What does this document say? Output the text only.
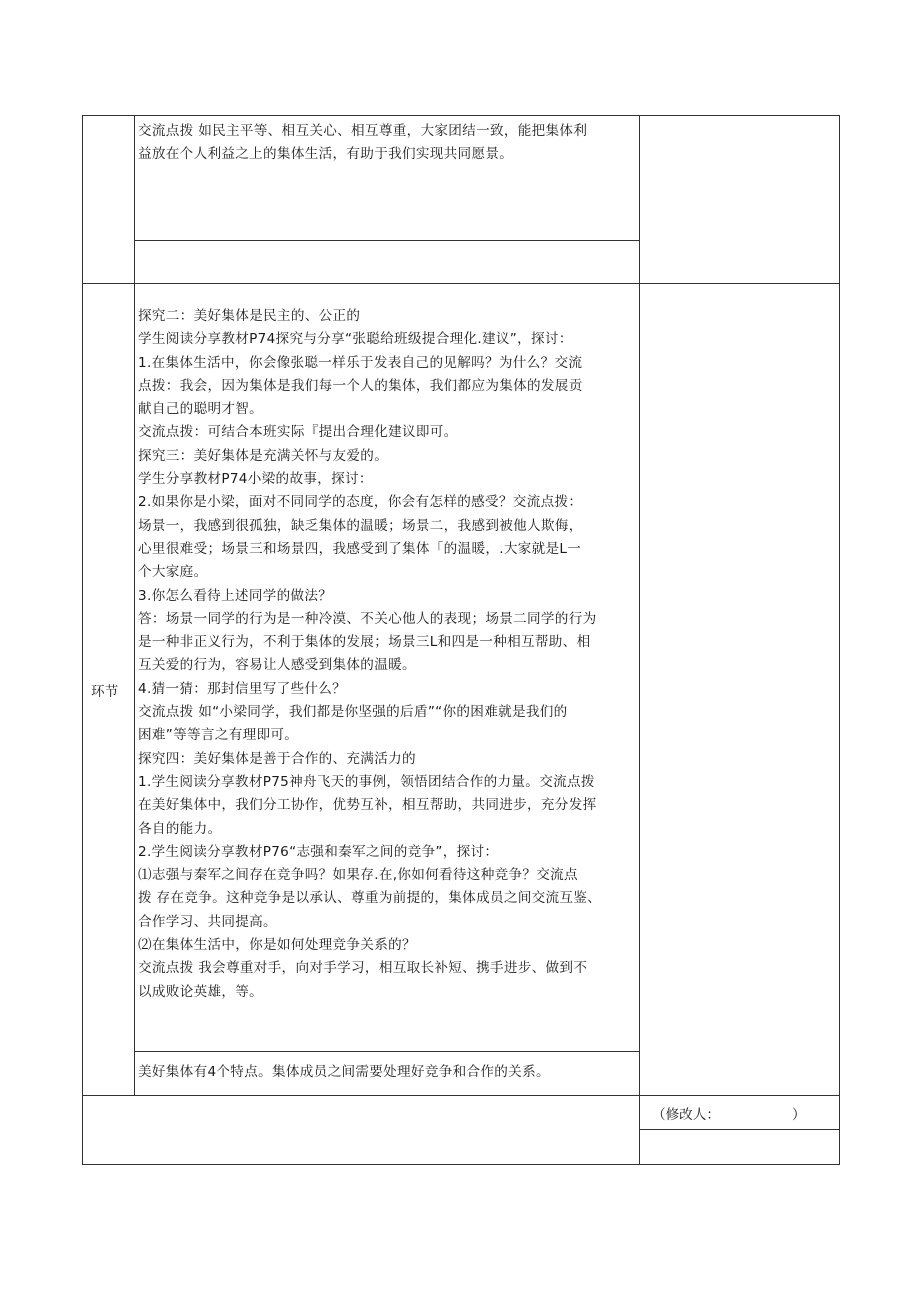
交流点拨 如民主平等、相互关心、相互尊重，大家团结一致，能把集体利

益放在个人利益之上的集体生活，有助于我们实现共同愿景。

环节

探究二：美好集体是民主的、公正的

学生阅读分享教材P74探究与分享“张聪给班级提合理化.建议”，探讨：

1.在集体生活中，你会像张聪一样乐于发表自己的见解吗？为什么？交流

点拨：我会，因为集体是我们每一个人的集体，我们都应为集体的发展贡

献自己的聪明才智。

交流点拨：可结合本班实际『提出合理化建议即可。

探究三：美好集体是充满关怀与友爱的。

学生分享教材P74小梁的故事，探讨：

2.如果你是小梁，面对不同同学的态度，你会有怎样的感受？交流点拨：

场景一，我感到很孤独，缺乏集体的温暖；场景二，我感到被他人欺侮，

心里很难受；场景三和场景四，我感受到了集体「的温暖，.大家就是L一

个大家庭。

3.你怎么看待上述同学的做法？

答：场景一同学的行为是一种冷漠、不关心他人的表现；场景二同学的行为

是一种非正义行为，不利于集体的发展；场景三L和四是一种相互帮助、相

互关爱的行为，容易让人感受到集体的温暖。

4.猜一猜：那封信里写了些什么？

交流点拨 如“小梁同学，我们都是你坚强的后盾”“你的困难就是我们的

困难”等等言之有理即可。

探究四：美好集体是善于合作的、充满活力的

1.学生阅读分享教材P75神舟飞天的事例，领悟团结合作的力量。交流点拨

在美好集体中，我们分工协作，优势互补，相互帮助，共同进步，充分发挥

各自的能力。

2.学生阅读分享教材P76“志强和秦军之间的竞争”，探讨：

⑴志强与秦军之间存在竞争吗？如果存.在,你如何看待这种竞争？交流点

拨 存在竞争。这种竞争是以承认、尊重为前提的，集体成员之间交流互鉴、

合作学习、共同提高。

⑵在集体生活中，你是如何处理竞争关系的？

交流点拨 我会尊重对手，向对手学习，相互取长补短、携手进步、做到不

以成败论英雄，等。

美好集体有4个特点。集体成员之间需要处理好竞争和合作的关系。

（修改人：	）
